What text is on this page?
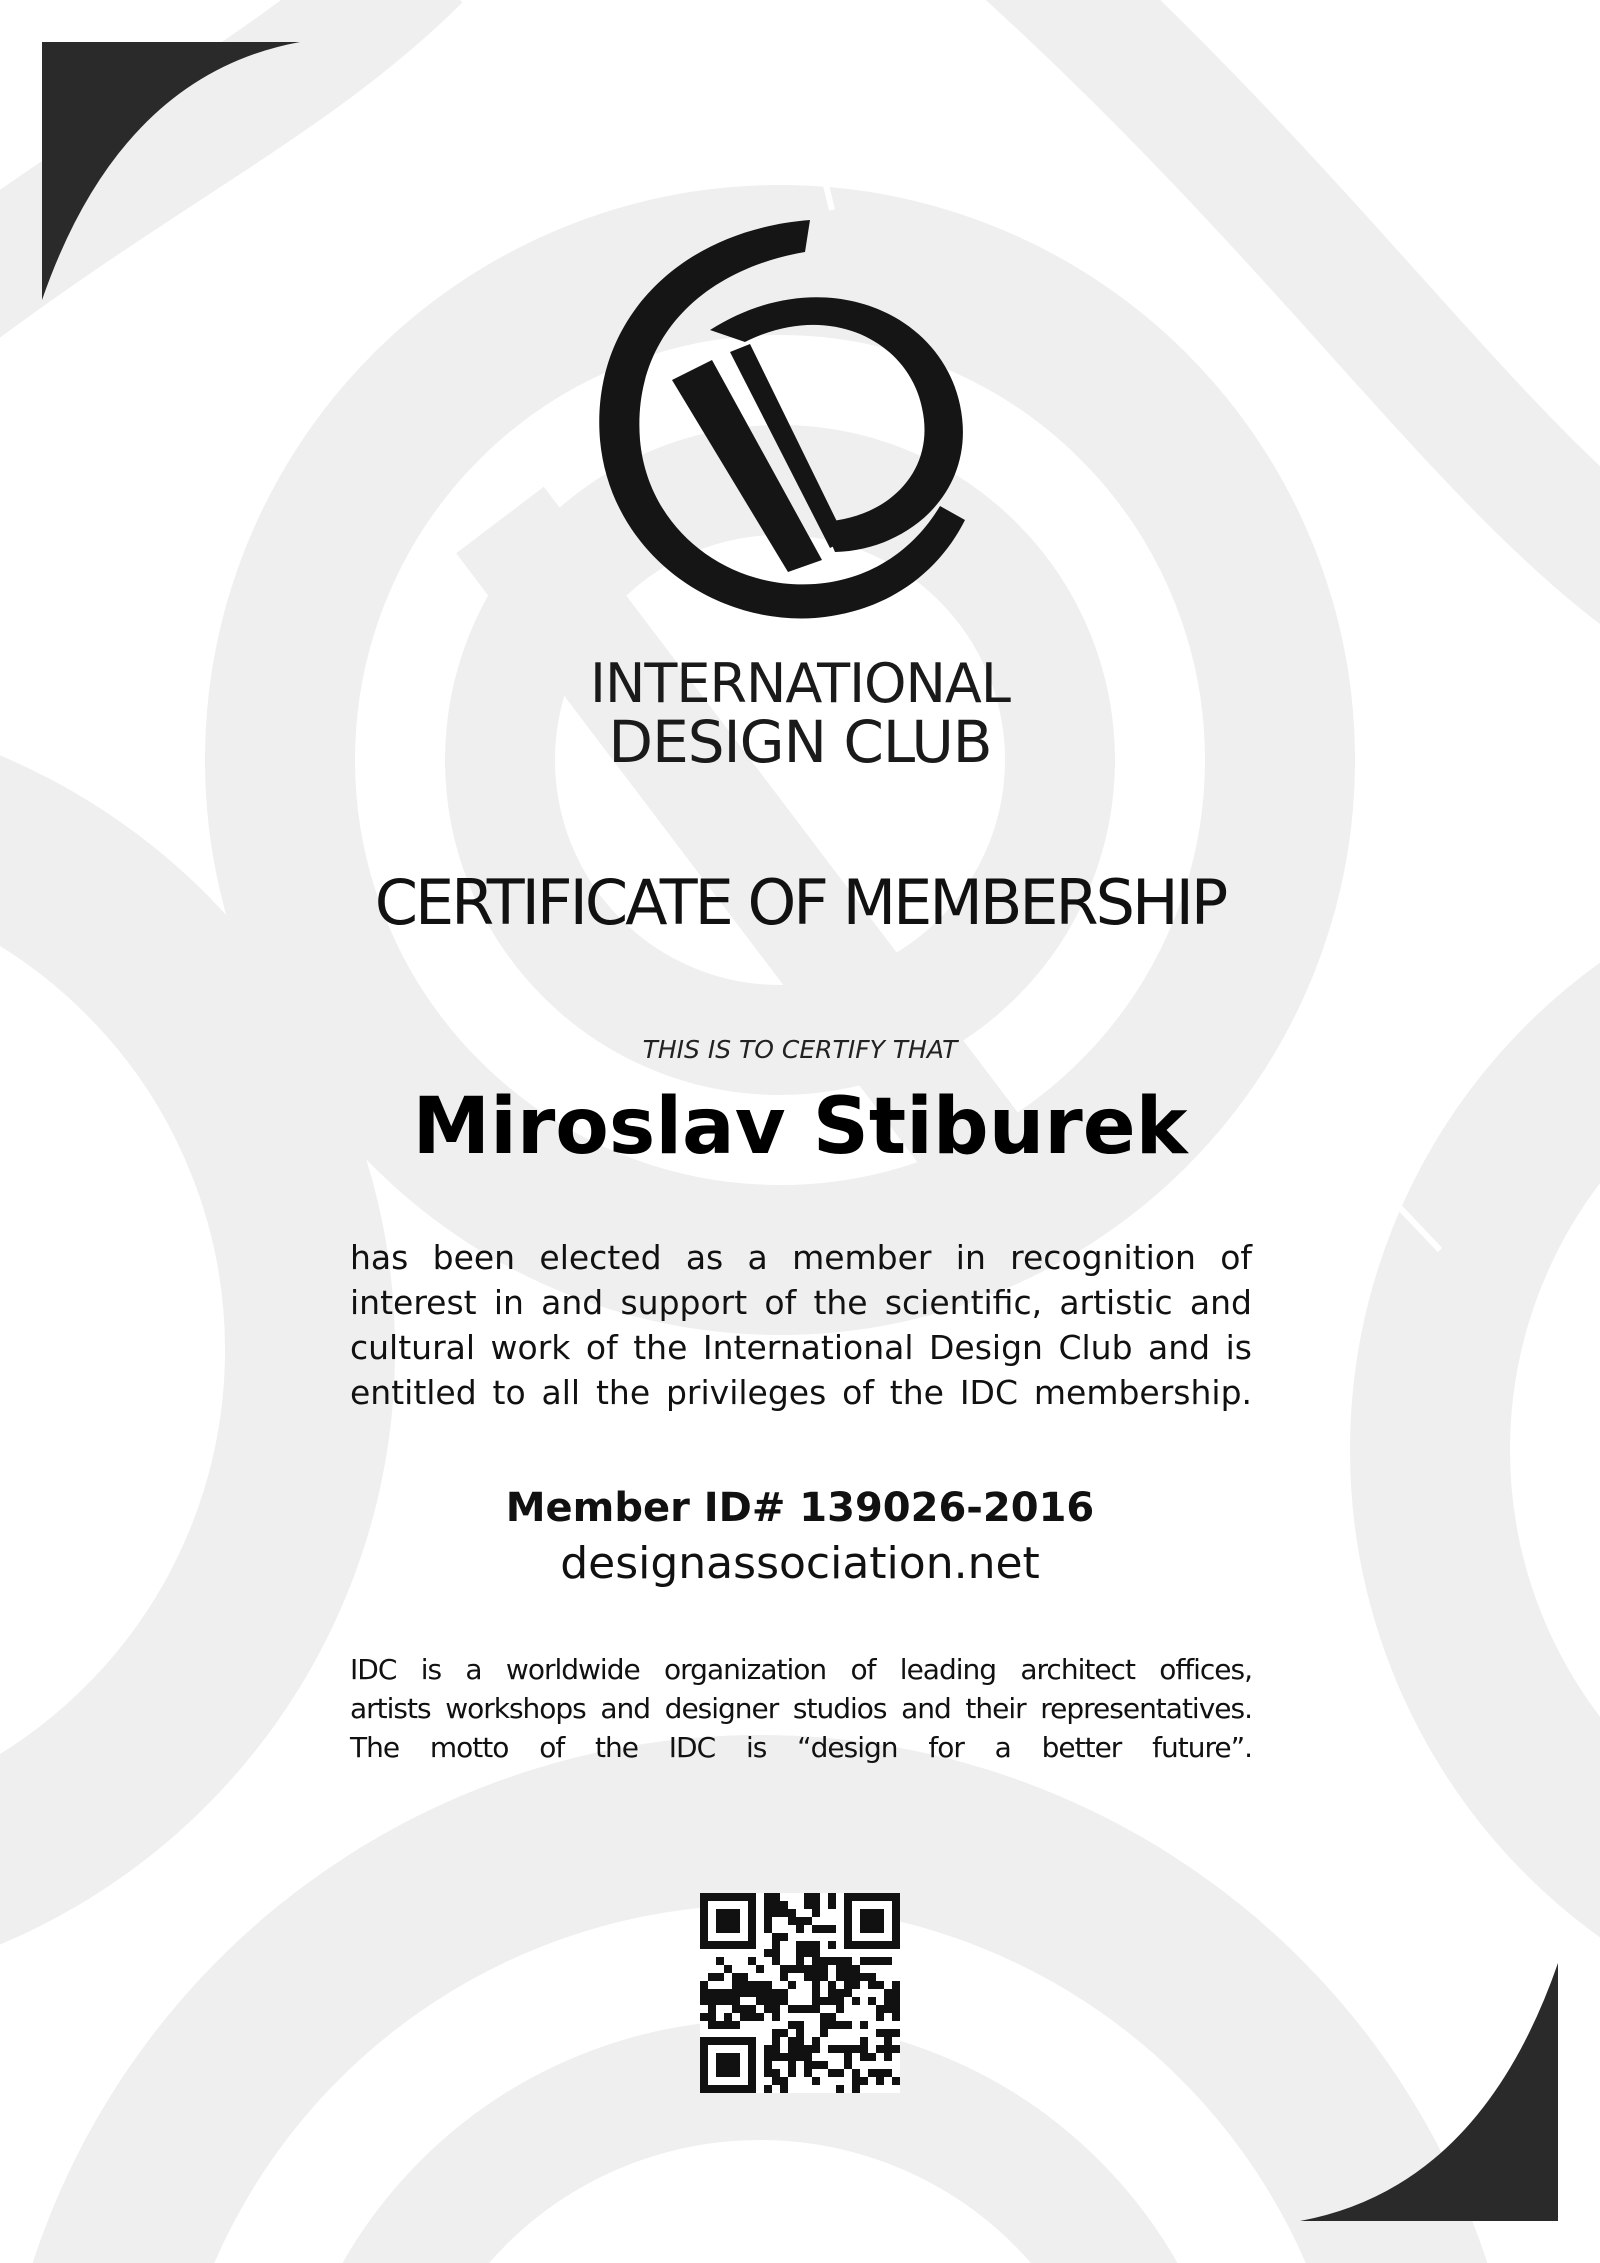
INTERNATIONAL
DESIGN CLUB
CERTIFICATE OF MEMBERSHIP
THIS IS TO CERTIFY THAT
Miroslav Stiburek
has been elected as a member in recognition of
interest in and support of the scientific, artistic and
cultural work of the International Design Club and is
entitled to all the privileges of the IDC membership.
Member ID# 139026-2016
designassociation.net
IDC is a worldwide organization of leading architect offices,
artists workshops and designer studios and their representatives.
The motto of the IDC is “design for a better future”.
